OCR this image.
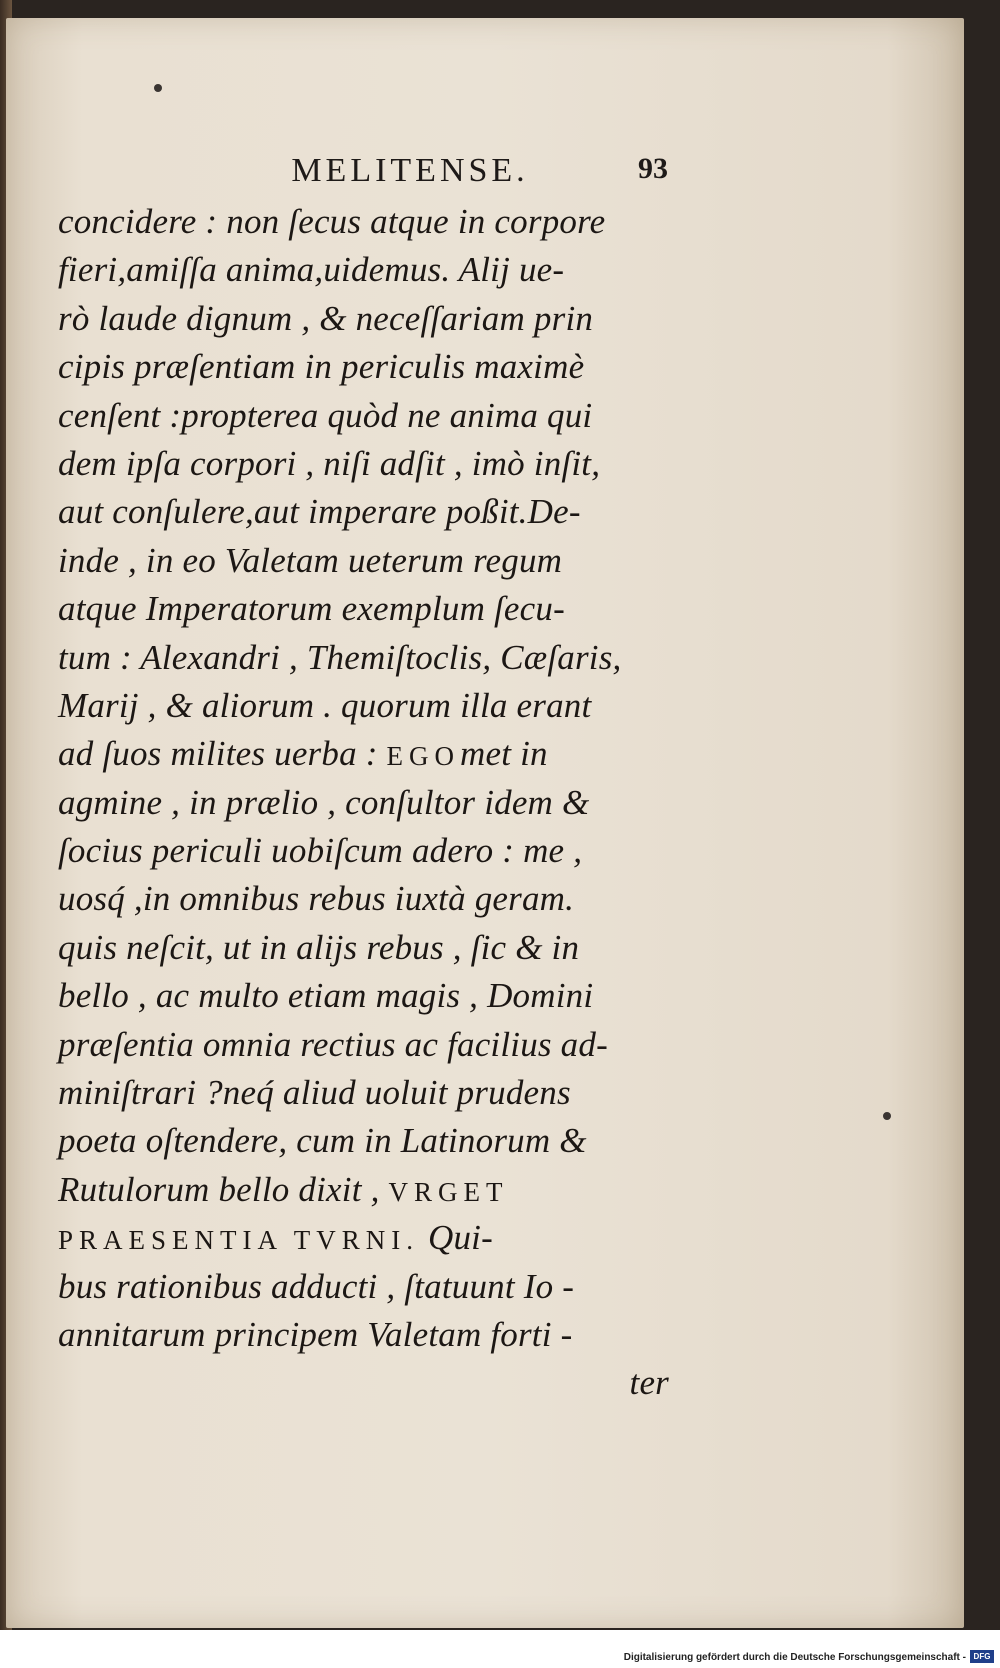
MELITENSE.	93
concidere : non ſecus atque in corpore
fieri,amiſſa anima,uidemus. Alij ue-
rò laude dignum , & neceſſariam prin
cipis præſentiam in periculis maximè
cenſent :propterea quòd ne anima qui
dem ipſa corpori , niſi adſit , imò inſit,
aut conſulere,aut imperare poßit.De-
inde , in eo Valetam ueterum regum
atque Imperatorum exemplum ſecu-
tum : Alexandri , Themiſtoclis, Cæſaris,
Marij , & aliorum . quorum illa erant
ad ſuos milites uerba : EGOmet in
agmine , in prælio , conſultor idem &
ſocius periculi uobiſcum adero : me ,
uosq́ ,in omnibus rebus iuxtà geram.
quis neſcit, ut in alijs rebus , ſic & in
bello , ac multo etiam magis , Domini
præſentia omnia rectius ac facilius ad-
miniſtrari ?neq́ aliud uoluit prudens
poeta oſtendere, cum in Latinorum &
Rutulorum bello dixit , VRGET
PRAESENTIA TVRNI. Qui-
bus rationibus adducti , ſtatuunt Io -
annitarum principem Valetam forti -
ter
Digitalisierung gefördert durch die Deutsche Forschungsgemeinschaft - DFG
